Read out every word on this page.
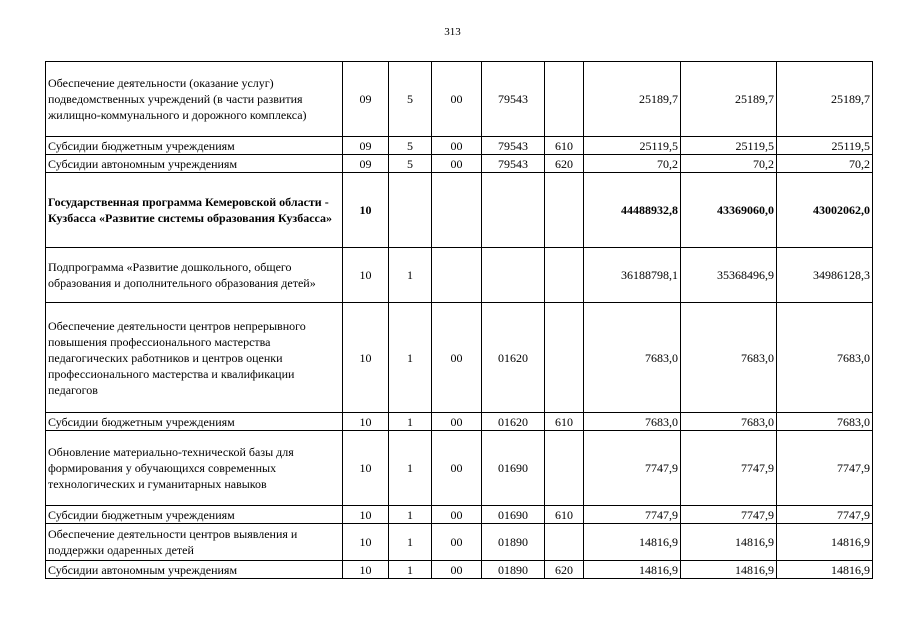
313
Обеспечение деятельности (оказание услуг) подведомственных учреждений (в части развития жилищно-коммунального и дорожного комплекса)	09	5	00	79543		25189,7	25189,7	25189,7
Субсидии бюджетным учреждениям	09	5	00	79543	610	25119,5	25119,5	25119,5
Субсидии автономным учреждениям	09	5	00	79543	620	70,2	70,2	70,2
Государственная программа Кемеровской области - Кузбасса «Развитие системы образования Кузбасса»	10					44488932,8	43369060,0	43002062,0
Подпрограмма «Развитие дошкольного, общего образования и дополнительного образования детей»	10	1				36188798,1	35368496,9	34986128,3
Обеспечение деятельности центров непрерывного повышения профессионального мастерства педагогических работников и центров оценки профессионального мастерства и квалификации педагогов	10	1	00	01620		7683,0	7683,0	7683,0
Субсидии бюджетным учреждениям	10	1	00	01620	610	7683,0	7683,0	7683,0
Обновление материально-технической базы для формирования у обучающихся современных технологических и гуманитарных навыков	10	1	00	01690		7747,9	7747,9	7747,9
Субсидии бюджетным учреждениям	10	1	00	01690	610	7747,9	7747,9	7747,9
Обеспечение деятельности центров выявления и поддержки одаренных детей	10	1	00	01890		14816,9	14816,9	14816,9
Субсидии автономным учреждениям	10	1	00	01890	620	14816,9	14816,9	14816,9
